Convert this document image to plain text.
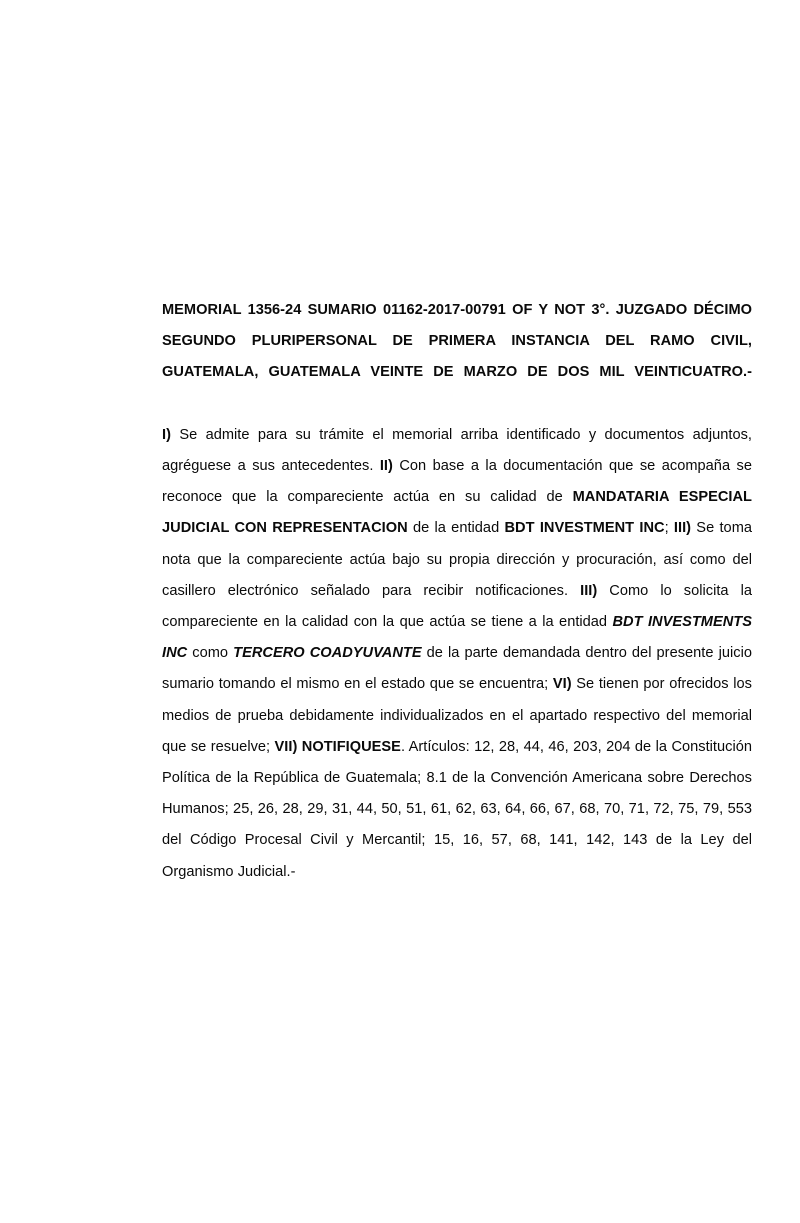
MEMORIAL 1356-24 SUMARIO 01162-2017-00791 OF Y NOT 3°. JUZGADO DÉCIMO SEGUNDO PLURIPERSONAL DE PRIMERA INSTANCIA DEL RAMO CIVIL, GUATEMALA, GUATEMALA VEINTE DE MARZO DE DOS MIL VEINTICUATRO.-

I) Se admite para su trámite el memorial arriba identificado y documentos adjuntos, agréguese a sus antecedentes. II) Con base a la documentación que se acompaña se reconoce que la compareciente actúa en su calidad de MANDATARIA ESPECIAL JUDICIAL CON REPRESENTACION de la entidad BDT INVESTMENT INC; III) Se toma nota que la compareciente actúa bajo su propia dirección y procuración, así como del casillero electrónico señalado para recibir notificaciones. III) Como lo solicita la compareciente en la calidad con la que actúa se tiene a la entidad BDT INVESTMENTS INC como TERCERO COADYUVANTE de la parte demandada dentro del presente juicio sumario tomando el mismo en el estado que se encuentra; VI) Se tienen por ofrecidos los medios de prueba debidamente individualizados en el apartado respectivo del memorial que se resuelve; VII) NOTIFIQUESE. Artículos: 12, 28, 44, 46, 203, 204 de la Constitución Política de la República de Guatemala; 8.1 de la Convención Americana sobre Derechos Humanos; 25, 26, 28, 29, 31, 44, 50, 51, 61, 62, 63, 64, 66, 67, 68, 70, 71, 72, 75, 79, 553 del Código Procesal Civil y Mercantil; 15, 16, 57, 68, 141, 142, 143 de la Ley del Organismo Judicial.-
